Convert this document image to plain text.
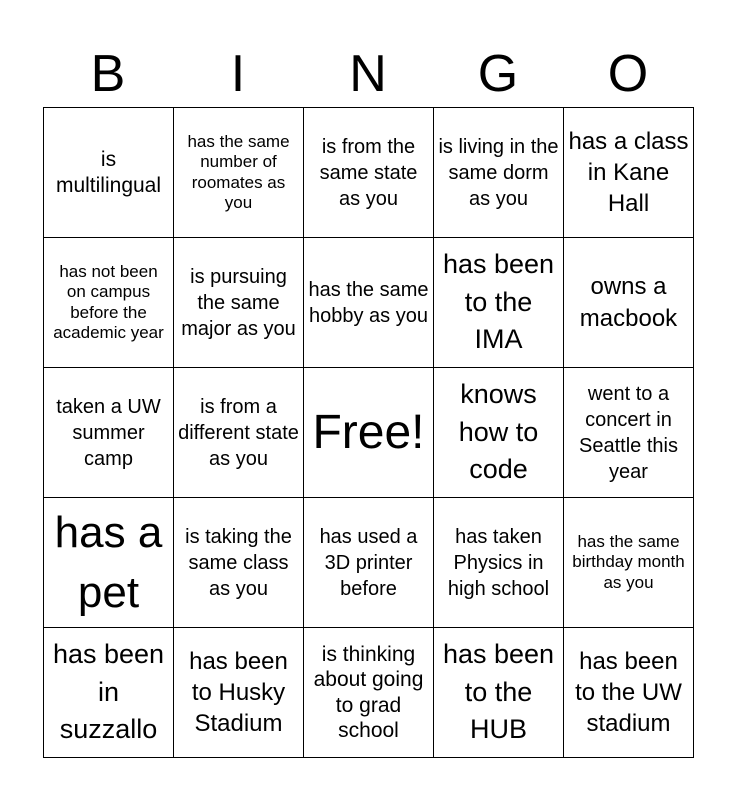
B	I	N	G	O
is multilingual	has the same number of roomates as you	is from the same state as you	is living in the same dorm as you	has a class in Kane Hall
has not been on campus before the academic year	is pursuing the same major as you	has the same hobby as you	has been to the IMA	owns a macbook
taken a UW summer camp	is from a different state as you	Free!	knows how to code	went to a concert in Seattle this year
has a pet	is taking the same class as you	has used a 3D printer before	has taken Physics in high school	has the same birthday month as you
has been in suzzallo	has been to Husky Stadium	is thinking about going to grad school	has been to the HUB	has been to the UW stadium
